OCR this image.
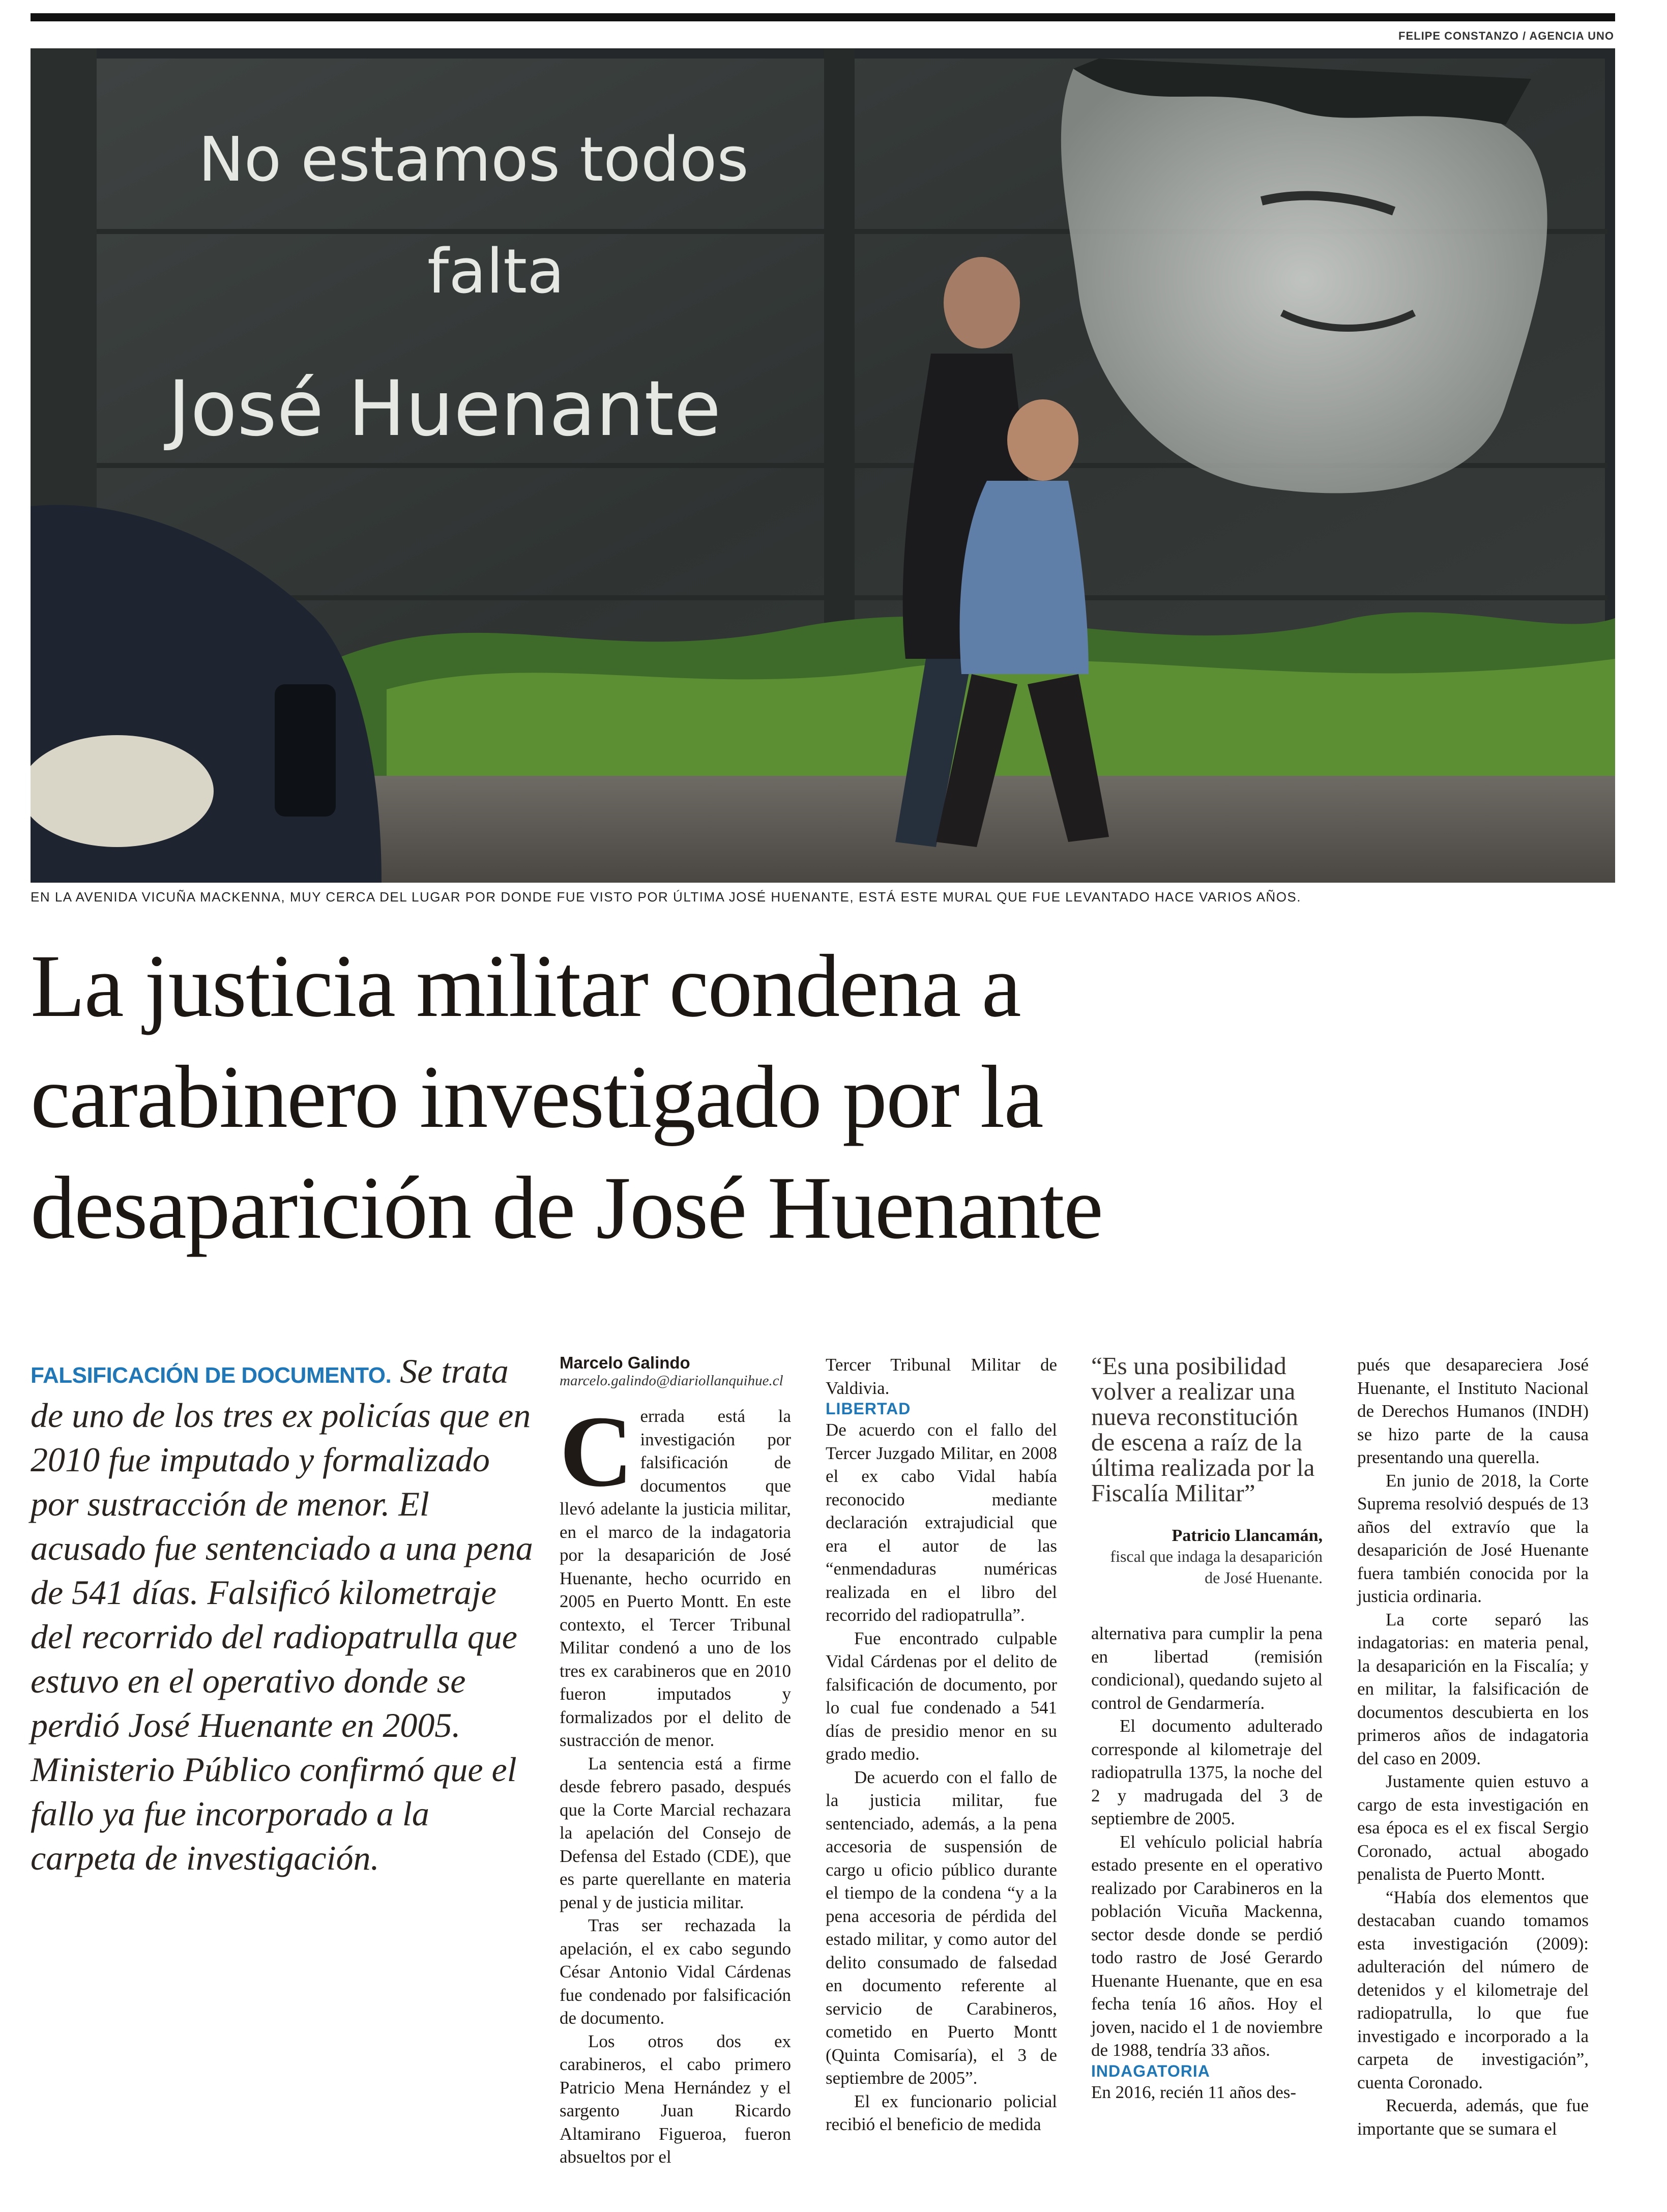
FELIPE CONSTANZO / AGENCIA UNO
No estamos todos
falta
José Huenante
EN LA AVENIDA VICUÑA MACKENNA, MUY CERCA DEL LUGAR POR DONDE FUE VISTO POR ÚLTIMA JOSÉ HUENANTE, ESTÁ ESTE MURAL QUE FUE LEVANTADO HACE VARIOS AÑOS.
La justicia militar condena a
carabinero investigado por la
desaparición de José Huenante
FALSIFICACIÓN DE DOCUMENTO. Se trata de uno de los tres ex policías que en 2010 fue imputado y formalizado por sustracción de menor. El acusado fue sentenciado a una pena de 541 días. Falsificó kilometraje del recorrido del radiopatrulla que estuvo en el operativo donde se perdió José Huenante en 2005. Ministerio Público confirmó que el fallo ya fue incorporado a la carpeta de investigación.
Marcelo Galindo
marcelo.galindo@diariollanquihue.cl
C errada está la investigación por falsificación de documentos que llevó adelante la justicia militar, en el marco de la indagatoria por la desaparición de José Huenante, hecho ocurrido en 2005 en Puerto Montt. En este contexto, el Tercer Tribunal Militar condenó a uno de los tres ex carabineros que en 2010 fueron imputados y formalizados por el delito de sustracción de menor.

La sentencia está a firme desde febrero pasado, después que la Corte Marcial rechazara la apelación del Consejo de Defensa del Estado (CDE), que es parte querellante en materia penal y de justicia militar.

Tras ser rechazada la apelación, el ex cabo segundo César Antonio Vidal Cárdenas fue condenado por falsificación de documento.

Los otros dos ex carabineros, el cabo primero Patricio Mena Hernández y el sargento Juan Ricardo Altamirano Figueroa, fueron absueltos por el

Tercer Tribunal Militar de Valdivia.

LIBERTAD

De acuerdo con el fallo del Tercer Juzgado Militar, en 2008 el ex cabo Vidal había reconocido mediante declaración extrajudicial que era el autor de las “enmendaduras numéricas realizada en el libro del recorrido del radiopatrulla”.

Fue encontrado culpable Vidal Cárdenas por el delito de falsificación de documento, por lo cual fue condenado a 541 días de presidio menor en su grado medio.

De acuerdo con el fallo de la justicia militar, fue sentenciado, además, a la pena accesoria de suspensión de cargo u oficio público durante el tiempo de la condena “y a la pena accesoria de pérdida del estado militar, y como autor del delito consumado de falsedad en documento referente al servicio de Carabineros, cometido en Puerto Montt (Quinta Comisaría), el 3 de septiembre de 2005”.

El ex funcionario policial recibió el beneficio de medida

“Es una posibilidad volver a realizar una nueva reconstitución de escena a raíz de la última realizada por la Fiscalía Militar”
Patricio Llancamán,
fiscal que indaga la desaparición de José Huenante.

alternativa para cumplir la pena en libertad (remisión condicional), quedando sujeto al control de Gendarmería.

El documento adulterado corresponde al kilometraje del radiopatrulla 1375, la noche del 2 y madrugada del 3 de septiembre de 2005.

El vehículo policial habría estado presente en el operativo realizado por Carabineros en la población Vicuña Mackenna, sector desde donde se perdió todo rastro de José Gerardo Huenante Huenante, que en esa fecha tenía 16 años. Hoy el joven, nacido el 1 de noviembre de 1988, tendría 33 años.

INDAGATORIA

En 2016, recién 11 años des-

pués que desapareciera José Huenante, el Instituto Nacional de Derechos Humanos (INDH) se hizo parte de la causa presentando una querella.

En junio de 2018, la Corte Suprema resolvió después de 13 años del extravío que la desaparición de José Huenante fuera también conocida por la justicia ordinaria.

La corte separó las indagatorias: en materia penal, la desaparición en la Fiscalía; y en militar, la falsificación de documentos descubierta en los primeros años de indagatoria del caso en 2009.

Justamente quien estuvo a cargo de esta investigación en esa época es el ex fiscal Sergio Coronado, actual abogado penalista de Puerto Montt.

“Había dos elementos que destacaban cuando tomamos esta investigación (2009): adulteración del número de detenidos y el kilometraje del radiopatrulla, lo que fue investigado e incorporado a la carpeta de investigación”, cuenta Coronado.

Recuerda, además, que fue importante que se sumara el
